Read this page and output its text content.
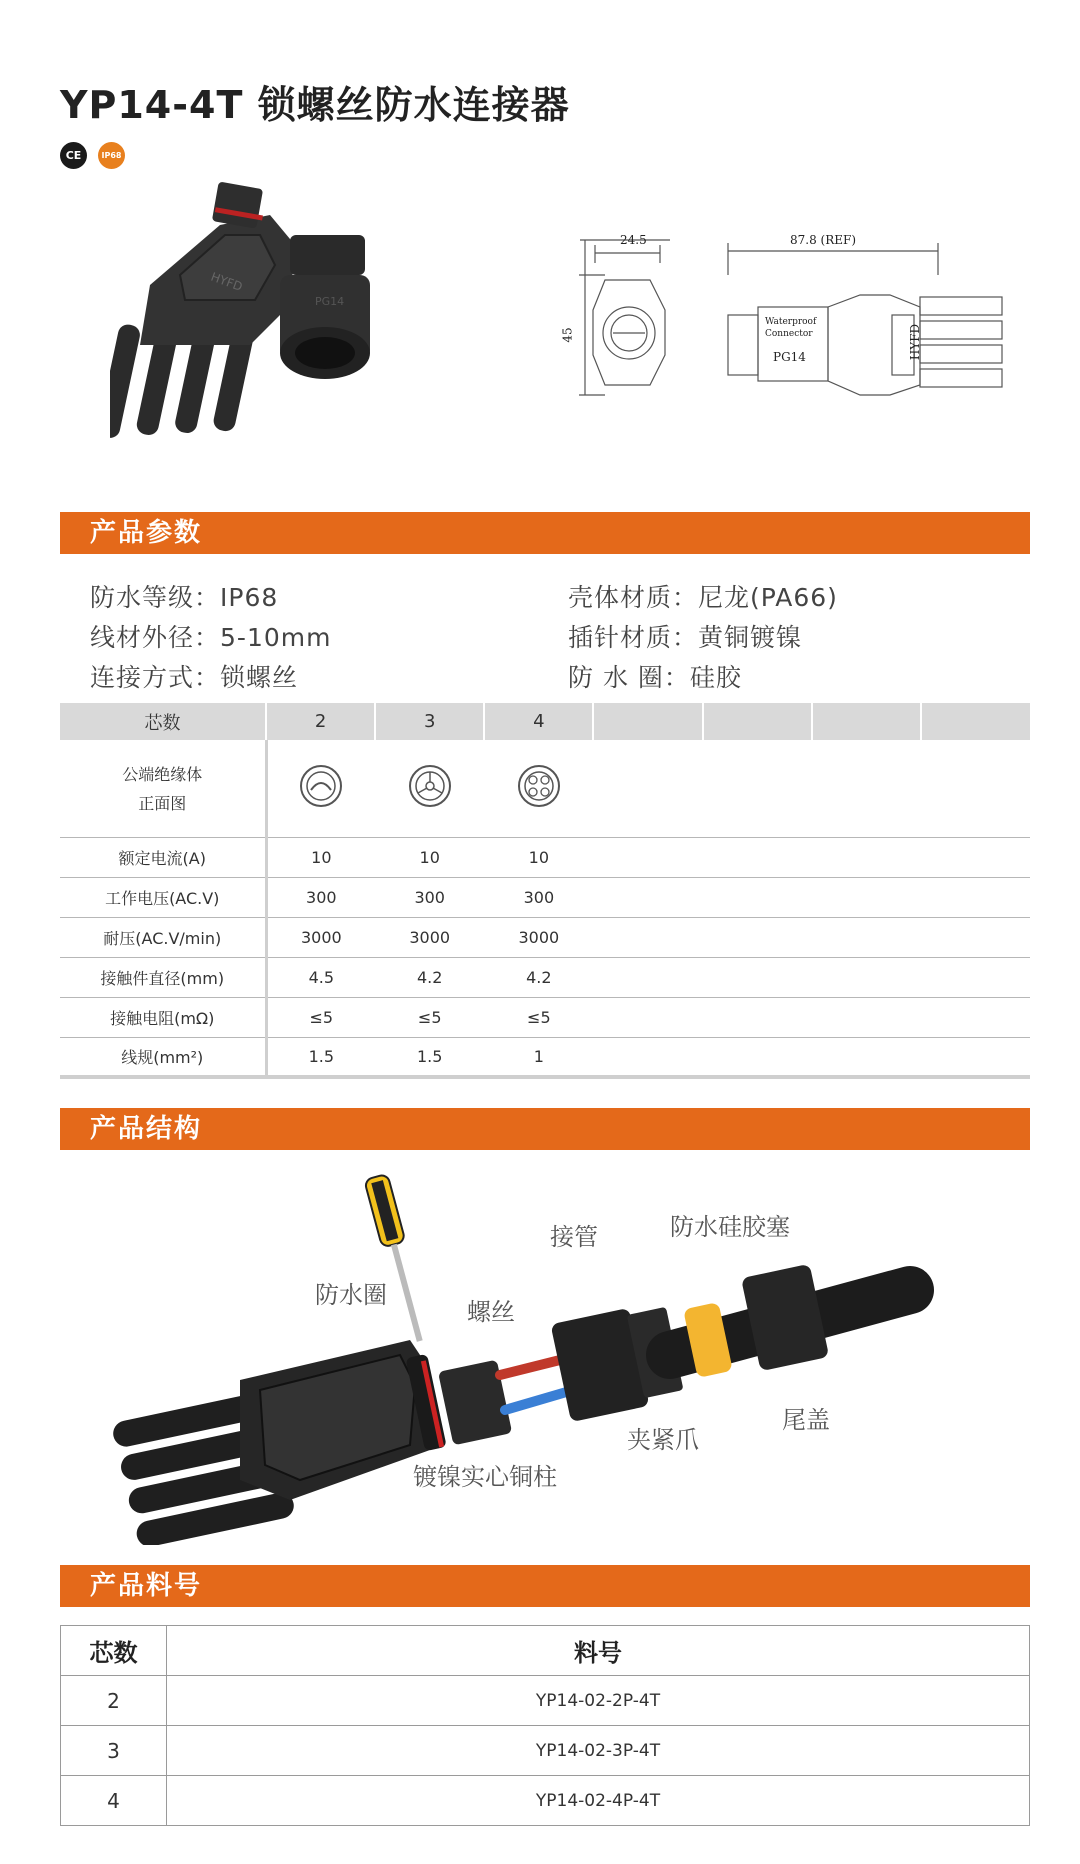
YP14-4T 锁螺丝防水连接器
CE	IP68
HYFD
PG14
24.5
45
87.8 (REF)
Waterproof
Connector
PG14	HYFD
产品参数
防水等级：IP68
线材外径：5-10mm
连接方式：锁螺丝
壳体材质：尼龙(PA66)
插针材质：黄铜镀镍
防 水 圈：硅胶
芯数	2	3	4				

公端绝缘体
正面图

额定电流(A)	10	10	10				
工作电压(AC.V)	300	300	300				
耐压(AC.V/min)	3000	3000	3000				
接触件直径(mm)	4.5	4.2	4.2				
接触电阻(mΩ)	≤5	≤5	≤5				
线规(mm²)	1.5	1.5	1				
产品结构
防水圈
螺丝
接管	防水硅胶塞
夹紧爪
尾盖
镀镍实心铜柱
产品料号
芯数	料号
2	YP14-02-2P-4T
3	YP14-02-3P-4T
4	YP14-02-4P-4T
